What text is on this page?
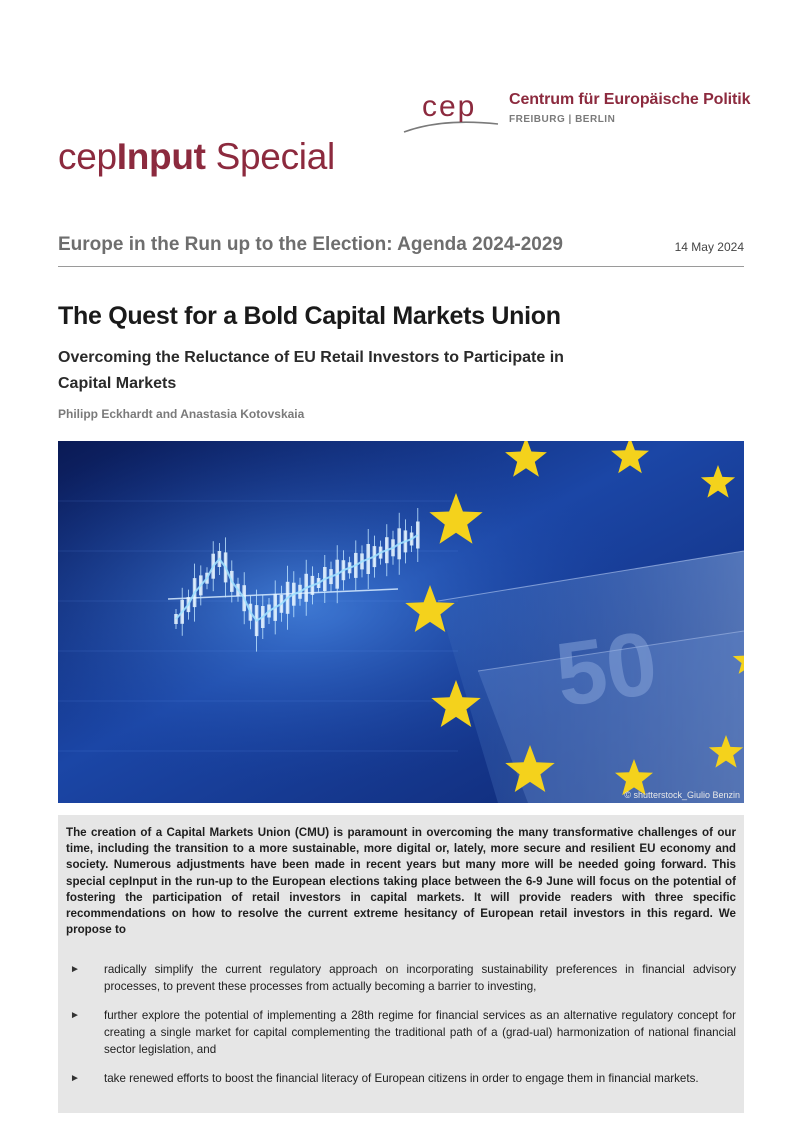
cep Centrum für Europäische Politik
FREIBURG | BERLIN
cepInput Special
Europe in the Run up to the Election: Agenda 2024-2029	14 May 2024
The Quest for a Bold Capital Markets Union
Overcoming the Reluctance of EU Retail Investors to Participate in Capital Markets
Philipp Eckhardt and Anastasia Kotovskaia
50
© shutterstock_Giulio Benzin
The creation of a Capital Markets Union (CMU) is paramount in overcoming the many transformative challenges of our time, including the transition to a more sustainable, more digital or, lately, more secure and resilient EU economy and society. Numerous adjustments have been made in recent years but many more will be needed going forward. This special cepInput in the run-up to the European elections taking place between the 6-9 June will focus on the potential of fostering the participation of retail investors in capital markets. It will provide readers with three specific recommendations on how to resolve the current extreme hesitancy of European retail investors in this regard. We propose to
► radically simplify the current regulatory approach on incorporating sustainability preferences in financial advisory processes, to prevent these processes from actually becoming a barrier to investing,
► further explore the potential of implementing a 28th regime for financial services as an alternative regulatory concept for creating a single market for capital complementing the traditional path of a (grad-ual) harmonization of national financial sector legislation, and
► take renewed efforts to boost the financial literacy of European citizens in order to engage them in financial markets.
